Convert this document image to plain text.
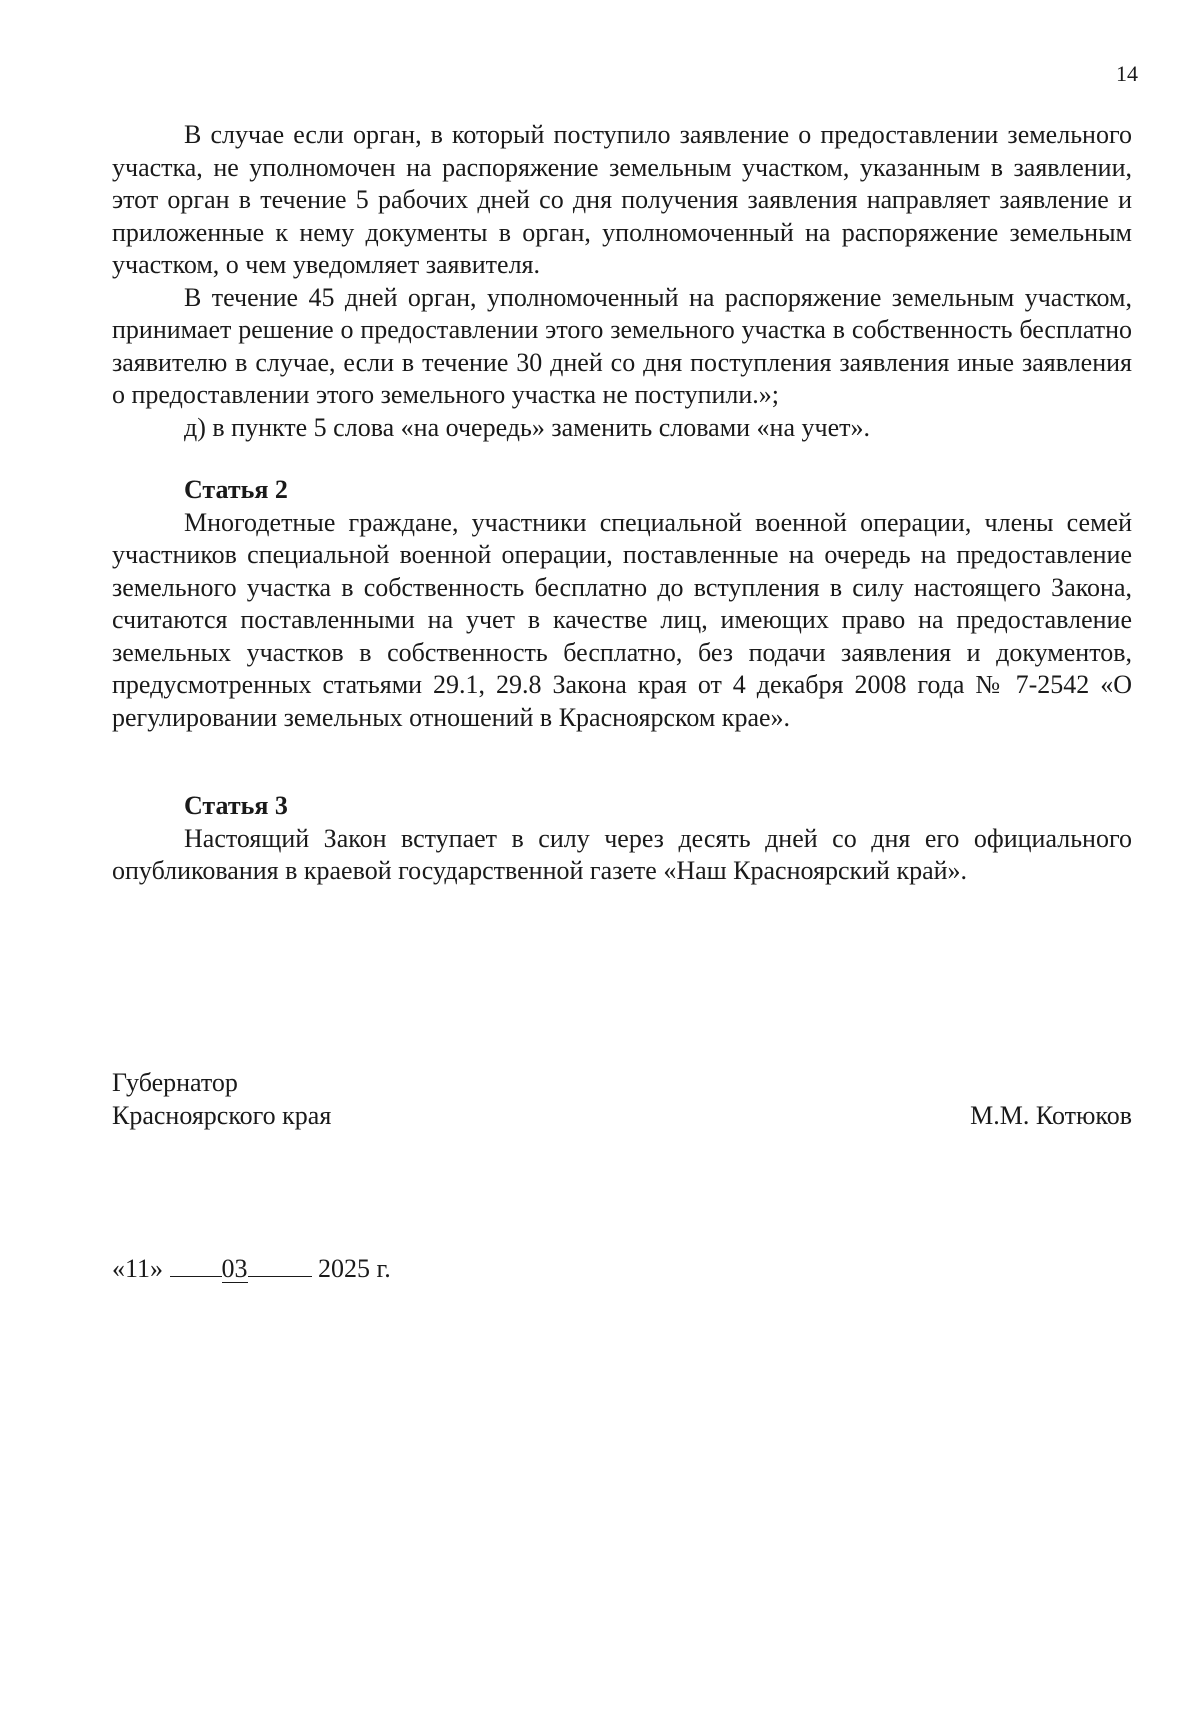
14

В случае если орган, в который поступило заявление о предоставлении земельного участка, не уполномочен на распоряжение земельным участком, указанным в заявлении, этот орган в течение 5 рабочих дней со дня получения заявления направляет заявление и приложенные к нему документы в орган, уполномоченный на распоряжение земельным участком, о чем уведомляет заявителя.

В течение 45 дней орган, уполномоченный на распоряжение земельным участком, принимает решение о предоставлении этого земельного участка в собственность бесплатно заявителю в случае, если в течение 30 дней со дня поступления заявления иные заявления о предоставлении этого земельного участка не поступили.»;

д) в пункте 5 слова «на очередь» заменить словами «на учет».

Статья 2

Многодетные граждане, участники специальной военной операции, члены семей участников специальной военной операции, поставленные на очередь на предоставление земельного участка в собственность бесплатно до вступления в силу настоящего Закона, считаются поставленными на учет в качестве лиц, имеющих право на предоставление земельных участков в собственность бесплатно, без подачи заявления и документов, предусмотренных статьями 29.1, 29.8 Закона края от 4 декабря 2008 года № 7-2542 «О регулировании земельных отношений в Красноярском крае».

Статья 3

Настоящий Закон вступает в силу через десять дней со дня его официального опубликования в краевой государственной газете «Наш Красноярский край».

Губернатор
Красноярского края	М.М. Котюков
«11» 03	2025 г.
